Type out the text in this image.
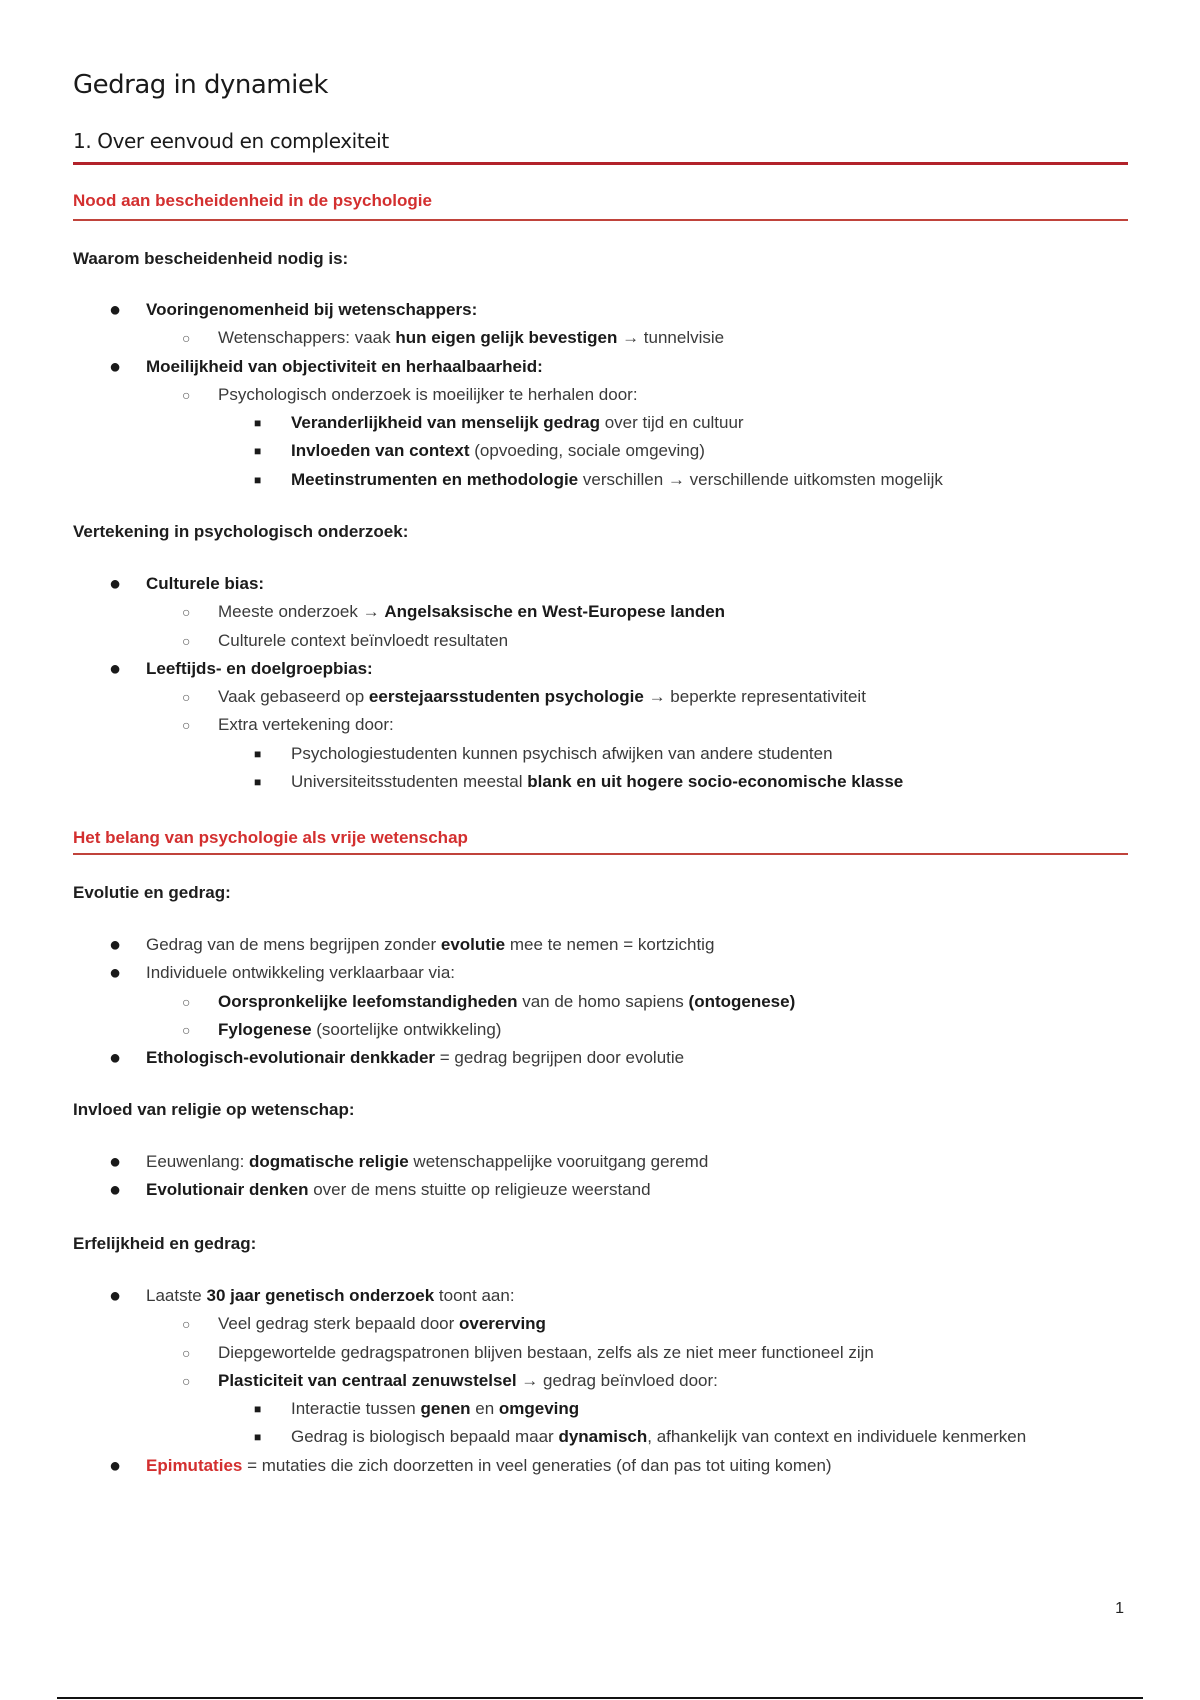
Gedrag in dynamiek
1. Over eenvoud en complexiteit
Nood aan bescheidenheid in de psychologie
Waarom bescheidenheid nodig is:
● Vooringenomenheid bij wetenschappers:
○ Wetenschappers: vaak hun eigen gelijk bevestigen → tunnelvisie
● Moeilijkheid van objectiviteit en herhaalbaarheid:
○ Psychologisch onderzoek is moeilijker te herhalen door:
■ Veranderlijkheid van menselijk gedrag over tijd en cultuur
■ Invloeden van context (opvoeding, sociale omgeving)
■ Meetinstrumenten en methodologie verschillen → verschillende uitkomsten mogelijk
Vertekening in psychologisch onderzoek:
● Culturele bias:
○ Meeste onderzoek → Angelsaksische en West-Europese landen
○ Culturele context beïnvloedt resultaten
● Leeftijds- en doelgroepbias:
○ Vaak gebaseerd op eerstejaarsstudenten psychologie → beperkte representativiteit
○ Extra vertekening door:
■ Psychologiestudenten kunnen psychisch afwijken van andere studenten
■ Universiteitsstudenten meestal blank en uit hogere socio-economische klasse
Het belang van psychologie als vrije wetenschap
Evolutie en gedrag:
● Gedrag van de mens begrijpen zonder evolutie mee te nemen = kortzichtig
● Individuele ontwikkeling verklaarbaar via:
○ Oorspronkelijke leefomstandigheden van de homo sapiens (ontogenese)
○ Fylogenese (soortelijke ontwikkeling)
● Ethologisch-evolutionair denkkader = gedrag begrijpen door evolutie
Invloed van religie op wetenschap:
● Eeuwenlang: dogmatische religie wetenschappelijke vooruitgang geremd
● Evolutionair denken over de mens stuitte op religieuze weerstand
Erfelijkheid en gedrag:
● Laatste 30 jaar genetisch onderzoek toont aan:
○ Veel gedrag sterk bepaald door overerving
○ Diepgewortelde gedragspatronen blijven bestaan, zelfs als ze niet meer functioneel zijn
○ Plasticiteit van centraal zenuwstelsel → gedrag beïnvloed door:
■ Interactie tussen genen en omgeving
■ Gedrag is biologisch bepaald maar dynamisch, afhankelijk van context en individuele kenmerken
● Epimutaties = mutaties die zich doorzetten in veel generaties (of dan pas tot uiting komen)
1
